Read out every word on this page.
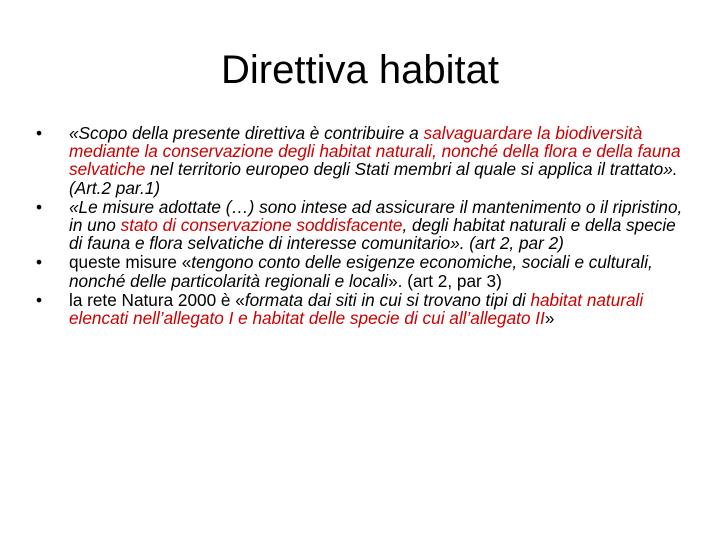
Direttiva habitat
•	«Scopo della presente direttiva è contribuire a salvaguardare la biodiversità mediante la conservazione degli habitat naturali, nonché della flora e della fauna selvatiche nel territorio europeo degli Stati membri al quale si applica il trattato». (Art.2 par.1)
•	«Le misure adottate (…) sono intese ad assicurare il mantenimento o il ripristino, in uno stato di conservazione soddisfacente, degli habitat naturali e della specie di fauna e flora selvatiche di interesse comunitario». (art 2, par 2)
•	queste misure «tengono conto delle esigenze economiche, sociali e culturali, nonché delle particolarità regionali e locali». (art 2, par 3)
•	la rete Natura 2000 è «formata dai siti in cui si trovano tipi di habitat naturali elencati nell’allegato I e habitat delle specie di cui all’allegato II»
